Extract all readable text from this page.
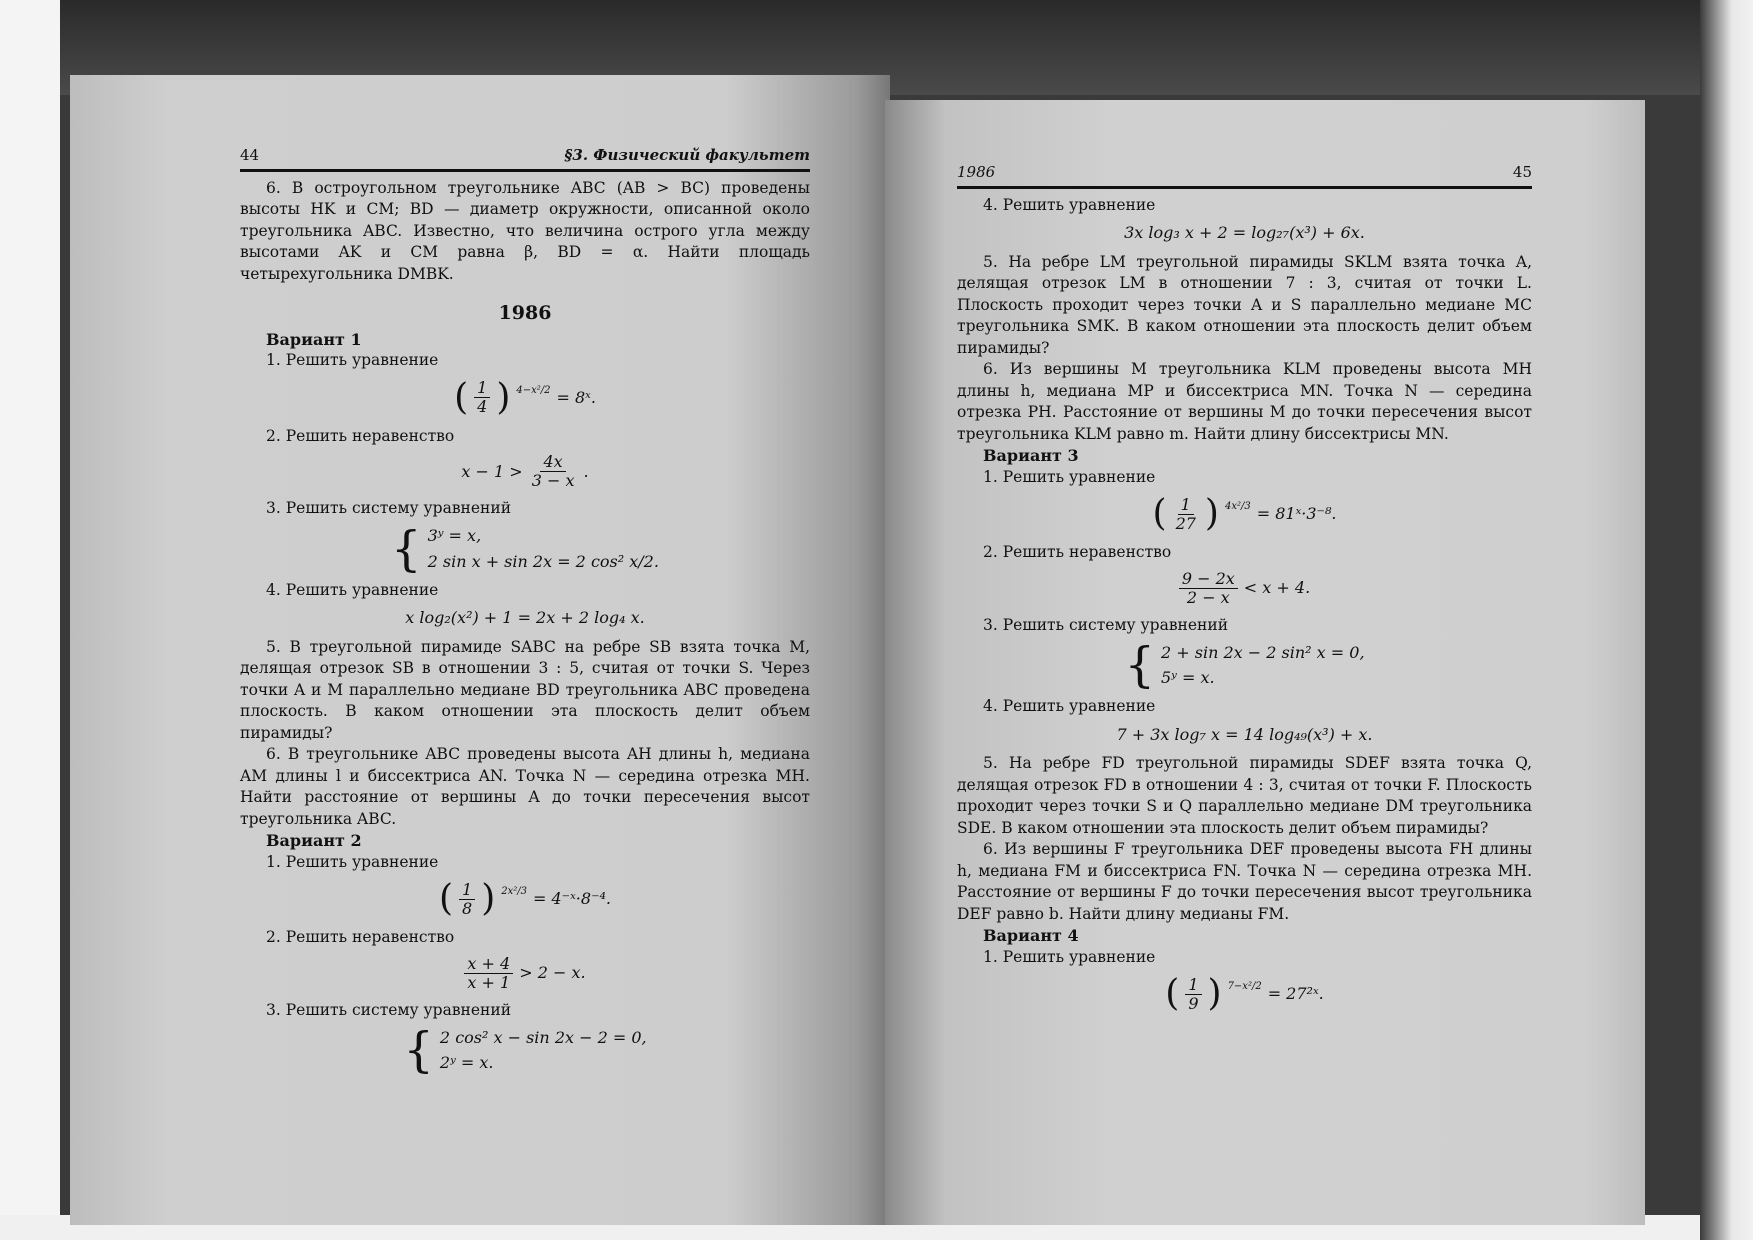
44	§3. Физический факультет

6. В остроугольном треугольнике ABC (AB > BC) проведены высоты HK и CM; BD — диаметр окружности, описанной около треугольника ABC. Известно, что величина острого угла между высотами AK и CM равна β, BD = α. Найти площадь четырехугольника DMBK.

1986
Вариант 1
1. Решить уравнение
( $\frac{1}{4}$ ) 4−x²/2 = 8ˣ.
2. Решить неравенство
$x - 1 > \frac{4x}{3 - x}$ .
3. Решить систему уравнений
{ 3ʸ = x,
2 sin x + sin 2x = 2 cos² x/2.
4. Решить уравнение
x log₂(x²) + 1 = 2x + 2 log₄ x.

5. В треугольной пирамиде SABC на ребре SB взята точка M, делящая отрезок SB в отношении 3 : 5, считая от точки S. Через точки A и M параллельно медиане BD треугольника ABC проведена плоскость. В каком отношении эта плоскость делит объем пирамиды?

6. В треугольнике ABC проведены высота AH длины h, медиана AM длины l и биссектриса AN. Точка N — середина отрезка MH. Найти расстояние от вершины A до точки пересечения высот треугольника ABC.

Вариант 2
1. Решить уравнение
( $\frac{1}{8}$ ) 2x²/3 = 4⁻ˣ·8⁻⁴.
2. Решить неравенство
$\frac{x + 4}{x + 1} > 2 - x$.
3. Решить систему уравнений
{ 2 cos² x − sin 2x − 2 = 0,
2ʸ = x.
1986	45
4. Решить уравнение
3x log₃ x + 2 = log₂₇(x³) + 6x.

5. На ребре LM треугольной пирамиды SKLM взята точка A, делящая отрезок LM в отношении 7 : 3, считая от точки L. Плоскость проходит через точки A и S параллельно медиане MC треугольника SMK. В каком отношении эта плоскость делит объем пирамиды?

6. Из вершины M треугольника KLM проведены высота MH длины h, медиана MP и биссектриса MN. Точка N — середина отрезка PH. Расстояние от вершины M до точки пересечения высот треугольника KLM равно m. Найти длину биссектрисы MN.

Вариант 3
1. Решить уравнение
( $\frac{1}{27}$ ) 4x²/3 = 81ˣ·3⁻⁸.
2. Решить неравенство
$\frac{9 - 2x}{2 - x} < x + 4$.
3. Решить систему уравнений
{ 2 + sin 2x − 2 sin² x = 0,
5ʸ = x.
4. Решить уравнение
7 + 3x log₇ x = 14 log₄₉(x³) + x.

5. На ребре FD треугольной пирамиды SDEF взята точка Q, делящая отрезок FD в отношении 4 : 3, считая от точки F. Плоскость проходит через точки S и Q параллельно медиане DM треугольника SDE. В каком отношении эта плоскость делит объем пирамиды?

6. Из вершины F треугольника DEF проведены высота FH длины h, медиана FM и биссектриса FN. Точка N — середина отрезка MH. Расстояние от вершины F до точки пересечения высот треугольника DEF равно b. Найти длину медианы FM.

Вариант 4
1. Решить уравнение
( $\frac{1}{9}$ ) 7−x²/2 = 27²ˣ.
